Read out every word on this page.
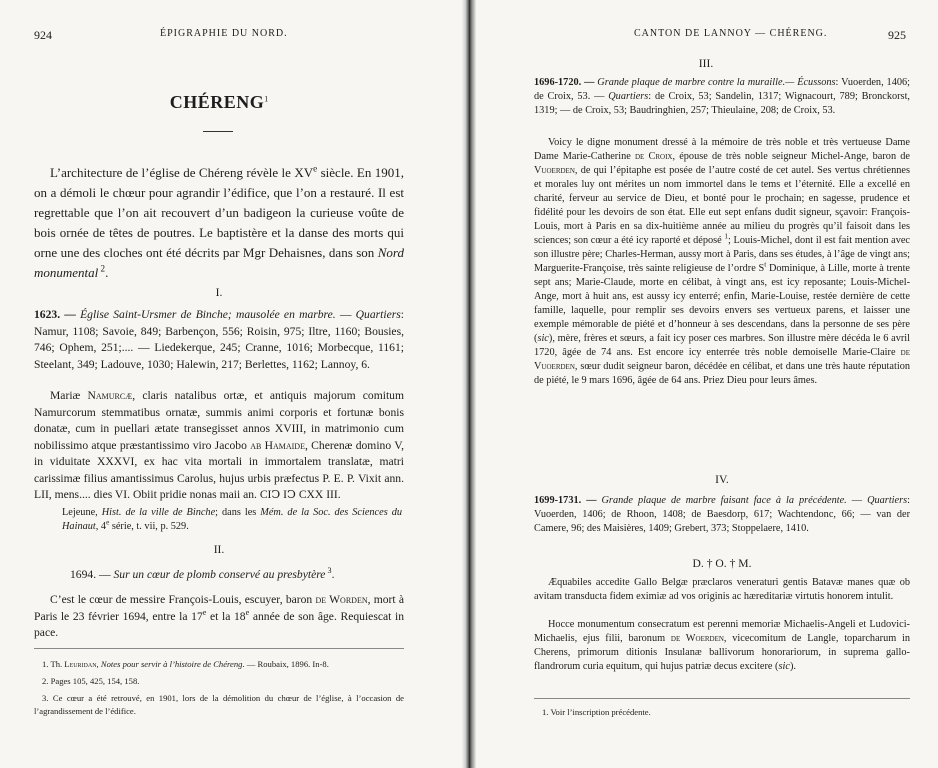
924	ÉPIGRAPHIE DU NORD.
CHÉRENG$^1$
L’architecture de l’église de Chéreng révèle le XVe siècle. En 1901, on a démoli le chœur pour agrandir l’édifice, que l’on a restauré. Il est regrettable que l’on ait recouvert d’un badigeon la curieuse voûte de bois ornée de têtes de poutres. Le baptistère et la danse des morts qui orne une des cloches ont été décrits par Mgr Dehaisnes, dans son Nord monumental $^2$.
I.
1623. — Église Saint-Ursmer de Binche; mausolée en marbre. — Quartiers: Namur, 1108; Savoie, 849; Barbençon, 556; Roisin, 975; Iltre, 1160; Bousies, 746; Ophem, 251;.... — Liedekerque, 245; Cranne, 1016; Morbecque, 1161; Steelant, 349; Ladouve, 1030; Halewin, 217; Berlettes, 1162; Lannoy, 6.
Mariæ Namurcæ, claris natalibus ortæ, et antiquis majorum comitum Namurcorum stemmatibus ornatæ, summis animi corporis et fortunæ bonis donatæ, cum in puellari ætate transegisset annos XVIII, in matrimonio cum nobilissimo atque præstantissimo viro Jacobo ab Hamaide, Cherenæ domino V, in viduitate XXXVI, ex hac vita mortali in immortalem translatæ, matri carissimæ filius amantissimus Carolus, hujus urbis præfectus P. E. P. Vixit ann. LII, mens.... dies VI. Obiit pridie nonas maii an. CIↃ IↃ CXX III.
Lejeune, Hist. de la ville de Binche; dans les Mém. de la Soc. des Sciences du Hainaut, 4e série, t. vii, p. 529.
II.
1694. — Sur un cœur de plomb conservé au presbytère $^3$.
C’est le cœur de messire François-Louis, escuyer, baron de Worden, mort à Paris le 23 février 1694, entre la 17e et la 18e année de son âge. Requiescat in pace.
1. Th. Leuridan, Notes pour servir à l’histoire de Chéreng. — Roubaix, 1896. In-8.
2. Pages 105, 425, 154, 158.
3. Ce cœur a été retrouvé, en 1901, lors de la démolition du chœur de l’église, à l’occasion de l’agrandissement de l’édifice.
CANTON DE LANNOY — CHÉRENG.	925
III.
1696-1720. — Grande plaque de marbre contre la muraille.— Écussons: Vuoerden, 1406; de Croix, 53. — Quartiers: de Croix, 53; Sandelin, 1317; Wignacourt, 789; Bronckorst, 1319; — de Croix, 53; Baudringhien, 257; Thieulaine, 208; de Croix, 53.
Voicy le digne monument dressé à la mémoire de très noble et très vertueuse Dame Dame Marie-Catherine de Croix, épouse de très noble seigneur Michel-Ange, baron de Vuoerden, de qui l’épitaphe est posée de l’autre costé de cet autel. Ses vertus chrétiennes et morales luy ont mérites un nom immortel dans le tems et l’éternité. Elle a excellé en charité, ferveur au service de Dieu, et bonté pour le prochain; en sagesse, prudence et fidélité pour les devoirs de son état. Elle eut sept enfans dudit signeur, sçavoir: François-Louis, mort à Paris en sa dix-huitième année au milieu du progrès qu’il faisoit dans les sciences; son cœur a été icy raporté et déposé $^1$; Louis-Michel, dont il est fait mention avec son illustre père; Charles-Herman, aussy mort à Paris, dans ses études, à l’âge de vingt ans; Marguerite-Françoise, très sainte religieuse de l’ordre $S^t$ Dominique, à Lille, morte à trente sept ans; Marie-Claude, morte en célibat, à vingt ans, est icy reposante; Louis-Michel-Ange, mort à huit ans, est aussy icy enterré; enfin, Marie-Louise, restée dernière de cette famille, laquelle, pour remplir ses devoirs envers ses vertueux parens, et laisser une exemple mémorable de piété et d’honneur à ses descendans, dans la personne de ses père (sic), mère, frères et sœurs, a fait icy poser ces marbres. Son illustre mère décéda le 6 avril 1720, âgée de 74 ans. Est encore icy enterrée très noble demoiselle Marie-Claire de Vuoerden, sœur dudit seigneur baron, décédée en célibat, et dans une très haute réputation de piété, le 9 mars 1696, âgée de 64 ans. Priez Dieu pour leurs âmes.
IV.
1699-1731. — Grande plaque de marbre faisant face à la précédente. — Quartiers: Vuoerden, 1406; de Rhoon, 1408; de Baesdorp, 617; Wachtendonc, 66; — van der Camere, 96; des Maisières, 1409; Grebert, 373; Stoppelaere, 1410.
D. † O. † M.
Æquabiles accedite Gallo Belgæ præclaros veneraturi gentis Batavæ manes quæ ob avitam transducta fidem eximiæ ad vos originis ac hæreditariæ virtutis honorem intulit.
Hocce monumentum consecratum est perenni memoriæ Michaelis-Angeli et Ludovici-Michaelis, ejus filii, baronum de Woerden, vicecomitum de Langle, toparcharum in Cherens, primorum ditionis Insulanæ ballivorum honorariorum, in suprema gallo-flandrorum curia equitum, qui hujus patriæ decus excitere (sic).
1. Voir l’inscription précédente.
